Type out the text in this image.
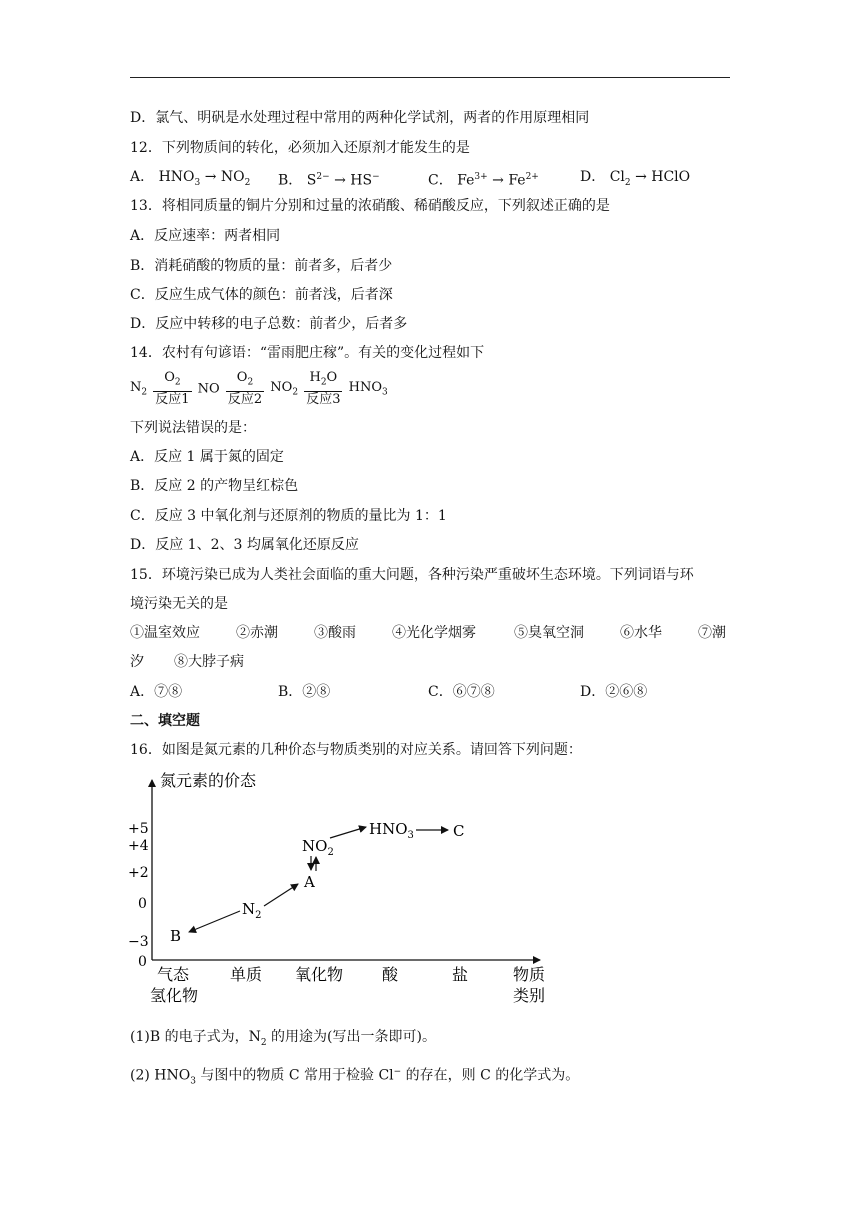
D．氯气、明矾是水处理过程中常用的两种化学试剂，两者的作用原理相同
12．下列物质间的转化，必须加入还原剂才能发生的是
A． $HNO_3 \to NO_2$ B． $S^{2-} \to HS^-$	C． $Fe^{3+} \to Fe^{2+}$	D． $Cl_2$ → HClO
13．将相同质量的铜片分别和过量的浓硝酸、稀硝酸反应，下列叙述正确的是
A．反应速率：两者相同
B．消耗硝酸的物质的量：前者多，后者少
C．反应生成气体的颜色：前者浅，后者深
D．反应中转移的电子总数：前者少，后者多
14．农村有句谚语：“雷雨肥庄稼”。有关的变化过程如下
$N_2 \frac{O_2}{\text{反应1}}$ NO $\frac{O_2}{\text{反应2}} NO_2 \frac{H_2O}{\text{反应3}} HNO_3$
下列说法错误的是：
A．反应 1 属于氮的固定
B．反应 2 的产物呈红棕色
C．反应 3 中氧化剂与还原剂的物质的量比为 1：1
D．反应 1、2、3 均属氧化还原反应
15．环境污染已成为人类社会面临的重大问题，各种污染严重破坏生态环境。下列词语与环
境污染无关的是
①温室效应	②赤潮	③酸雨	④光化学烟雾	⑤臭氧空洞	⑥水华	⑦潮
汐 ⑧大脖子病
A．⑦⑧	B．②⑧	C．⑥⑦⑧	D．②⑥⑧
二、填空题
16．如图是氮元素的几种价态与物质类别的对应关系。请回答下列问题：
氮元素的价态
+5
+4
+2
0
−3
0
气态
氢化物
单质 氧化物 酸	盐	物质
类别
B
$N_2$
A
$NO_2$
$HNO_3$	C
(1)B 的电子式为，$N_2$ 的用途为(写出一条即可)。
(2) $HNO_3$ 与图中的物质 C 常用于检验 Cl− 的存在，则 C 的化学式为。
